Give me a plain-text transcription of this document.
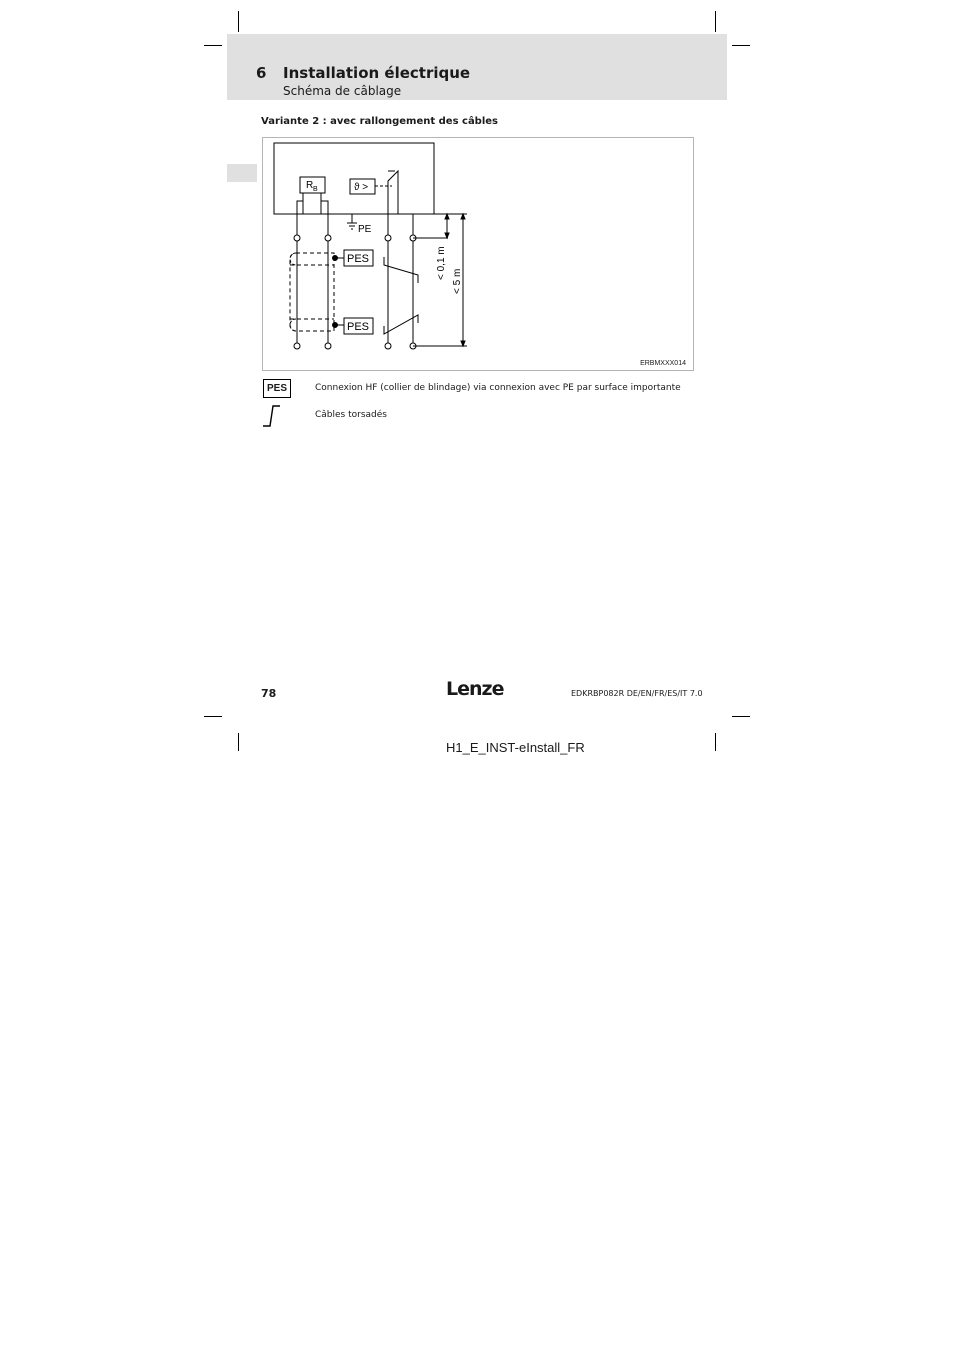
6 Installation électrique
Schéma de câblage
Variante 2 : avec rallongement des câbles
R B	ϑ >
PE
PES
PES
< 0,1 m
< 5 m
ERBMXXX014
PES	Connexion HF (collier de blindage) via connexion avec PE par surface importante
Câbles torsadés
78	Lenze	EDKRBP082R DE/EN/FR/ES/IT 7.0
H1_E_INST-eInstall_FR
